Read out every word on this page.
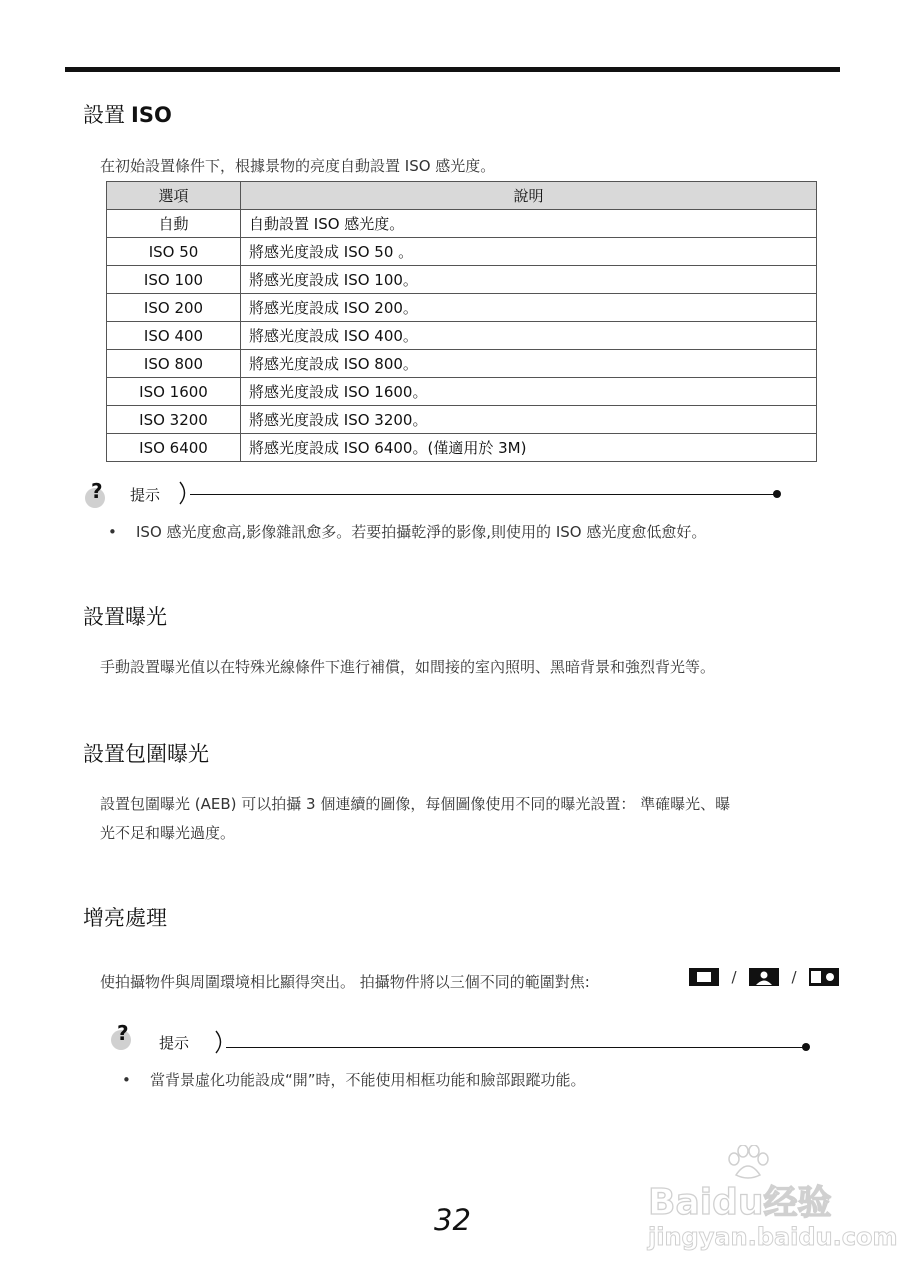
設置 ISO

在初始設置條件下，根據景物的亮度自動設置 ISO 感光度。

選項	說明
自動	自動設置 ISO 感光度。
ISO 50	將感光度設成 ISO 50 。
ISO 100	將感光度設成 ISO 100。
ISO 200	將感光度設成 ISO 200。
ISO 400	將感光度設成 ISO 400。
ISO 800	將感光度設成 ISO 800。
ISO 1600	將感光度設成 ISO 1600。
ISO 3200	將感光度設成 ISO 3200。
ISO 6400	將感光度設成 ISO 6400。(僅適用於 3M)
? 提示
• ISO 感光度愈高,影像雜訊愈多。若要拍攝乾淨的影像,則使用的 ISO 感光度愈低愈好。
設置曝光

手動設置曝光值以在特殊光線條件下進行補償，如間接的室內照明、黑暗背景和強烈背光等。

設置包圍曝光

設置包圍曝光 (AEB) 可以拍攝 3 個連續的圖像，每個圖像使用不同的曝光設置： 準確曝光、曝
光不足和曝光過度。

增亮處理

使拍攝物件與周圍環境相比顯得突出。 拍攝物件將以三個不同的範圍對焦:	/	/
? 提示
• 當背景虛化功能設成“開”時，不能使用相框功能和臉部跟蹤功能。
Baidu经验
jingyan.baidu.com
32
